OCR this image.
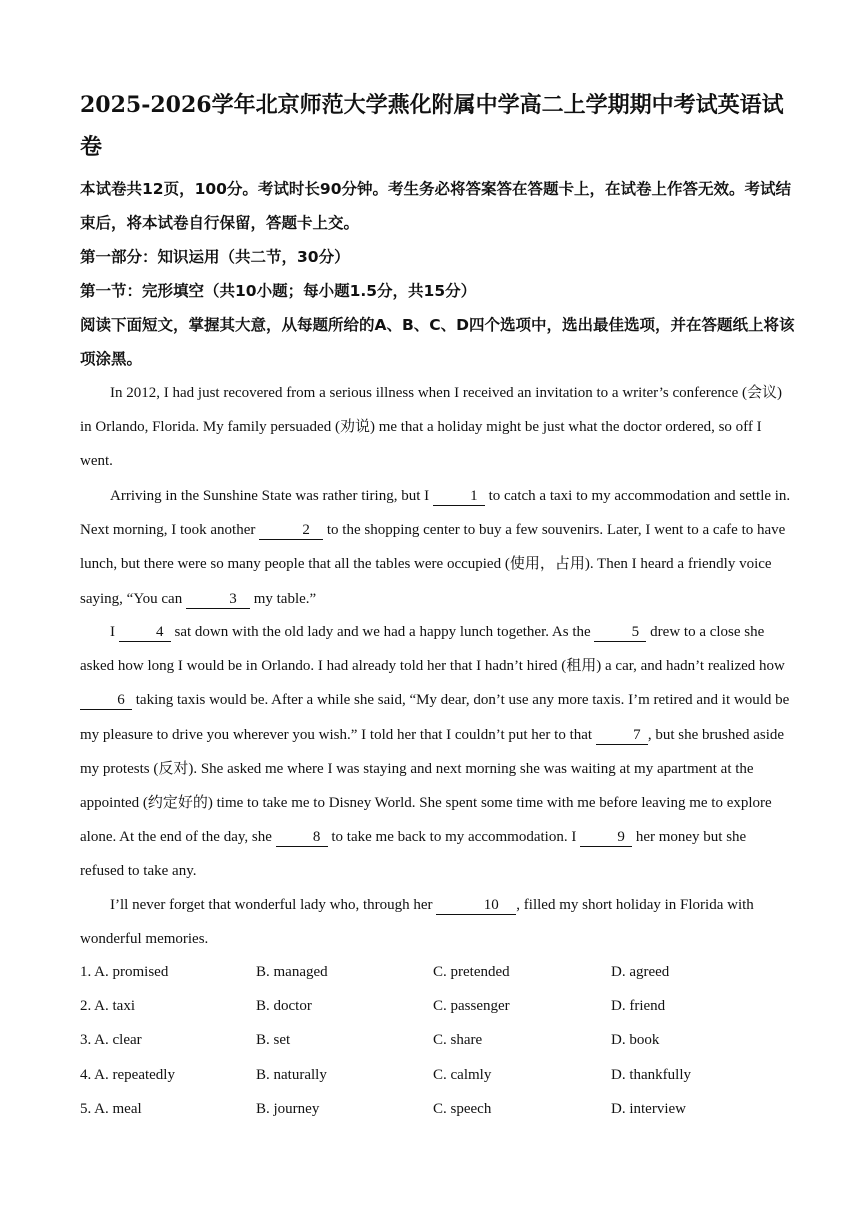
2025-2026学年北京师范大学燕化附属中学高二上学期期中考试英语试卷

本试卷共12页，100分。考试时长90分钟。考生务必将答案答在答题卡上，在试卷上作答无效。考试结束后，将本试卷自行保留，答题卡上交。

第一部分：知识运用（共二节，30分）

第一节：完形填空（共10小题；每小题1.5分，共15分）

阅读下面短文，掌握其大意，从每题所给的A、B、C、D四个选项中，选出最佳选项，并在答题纸上将该项涂黑。

In 2012, I had just recovered from a serious illness when I received an invitation to a writer’s conference (会议) in Orlando, Florida. My family persuaded (劝说) me that a holiday might be just what the doctor ordered, so off I went.

Arriving in the Sunshine State was rather tiring, but I 1 to catch a taxi to my accommodation and settle in. Next morning, I took another	2 to the shopping center to buy a few souvenirs. Later, I went to a cafe to have lunch, but there were so many people that all the tables were occupied (使用，占用). Then I heard a friendly voice saying, “You can	3 my table.”

I 4 sat down with the old lady and we had a happy lunch together. As the 5 drew to a close she asked how long I would be in Orlando. I had already told her that I hadn’t hired (租用) a car, and hadn’t realized how 6 taking taxis would be. After a while she said, “My dear, don’t use any more taxis. I’m retired and it would be my pleasure to drive you wherever you wish.” I told her that I couldn’t put her to that 7 , but she brushed aside my protests (反对). She asked me where I was staying and next morning she was waiting at my apartment at the appointed (约定好的) time to take me to Disney World. She spent some time with me before leaving me to explore alone. At the end of the day, she 8 to take me back to my accommodation. I 9 her money but she refused to take any.

I’ll never forget that wonderful lady who, through her	10 , filled my short holiday in Florida with wonderful memories.

1. A. promised	B. managed	C. pretended	D. agreed
2. A. taxi	B. doctor	C. passenger	D. friend
3. A. clear	B. set	C. share	D. book
4. A. repeatedly	B. naturally	C. calmly	D. thankfully
5. A. meal	B. journey	C. speech	D. interview
